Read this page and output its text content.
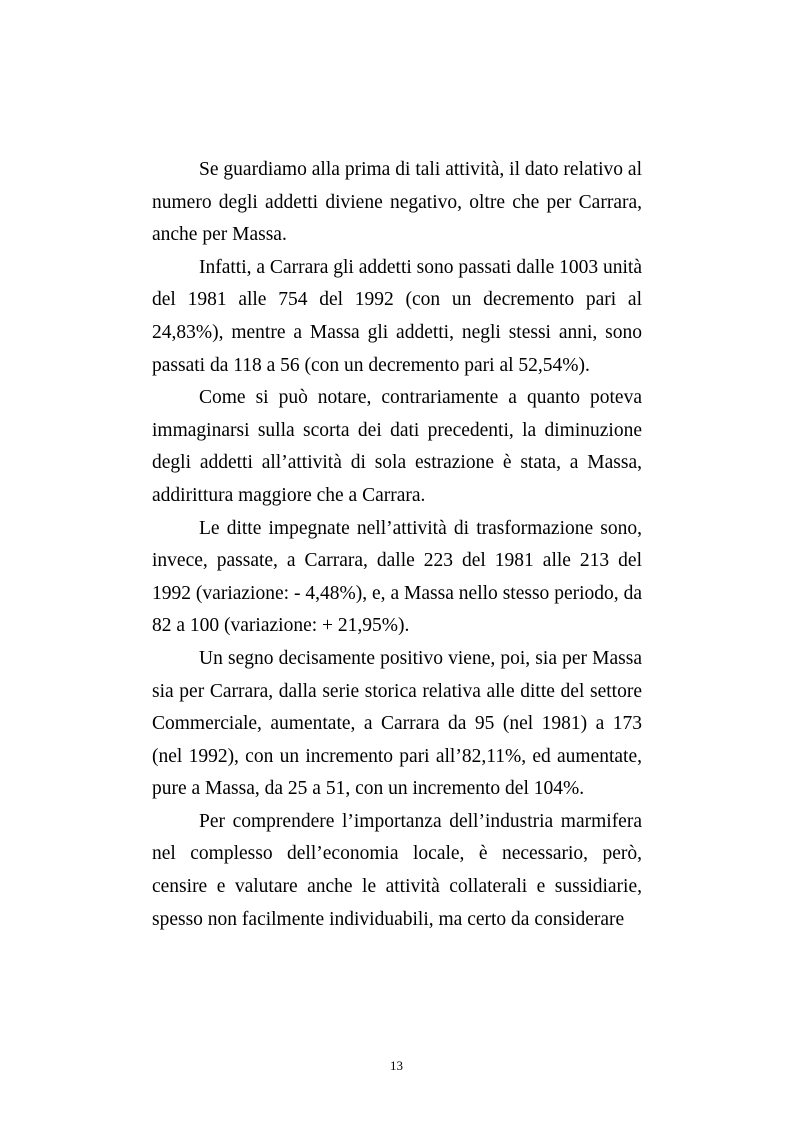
Se guardiamo alla prima di tali attività, il dato relativo al numero degli addetti diviene negativo, oltre che per Carrara, anche per Massa.

Infatti, a Carrara gli addetti sono passati dalle 1003 unità del 1981 alle 754 del 1992 (con un decremento pari al 24,83%), mentre a Massa gli addetti, negli stessi anni, sono passati da 118 a 56 (con un decremento pari al 52,54%).

Come si può notare, contrariamente a quanto poteva immaginarsi sulla scorta dei dati precedenti, la diminuzione degli addetti all’attività di sola estrazione è stata, a Massa, addirittura maggiore che a Carrara.

Le ditte impegnate nell’attività di trasformazione sono, invece, passate, a Carrara, dalle 223 del 1981 alle 213 del 1992 (variazione: - 4,48%), e, a Massa nello stesso periodo, da 82 a 100 (variazione: + 21,95%).

Un segno decisamente positivo viene, poi, sia per Massa sia per Carrara, dalla serie storica relativa alle ditte del settore Commerciale, aumentate, a Carrara da 95 (nel 1981) a 173 (nel 1992), con un incremento pari all’82,11%, ed aumentate, pure a Massa, da 25 a 51, con un incremento del 104%.

Per comprendere l’importanza dell’industria marmifera nel complesso dell’economia locale, è necessario, però, censire e valutare anche le attività collaterali e sussidiarie, spesso non facilmente individuabili, ma certo da considerare

13
